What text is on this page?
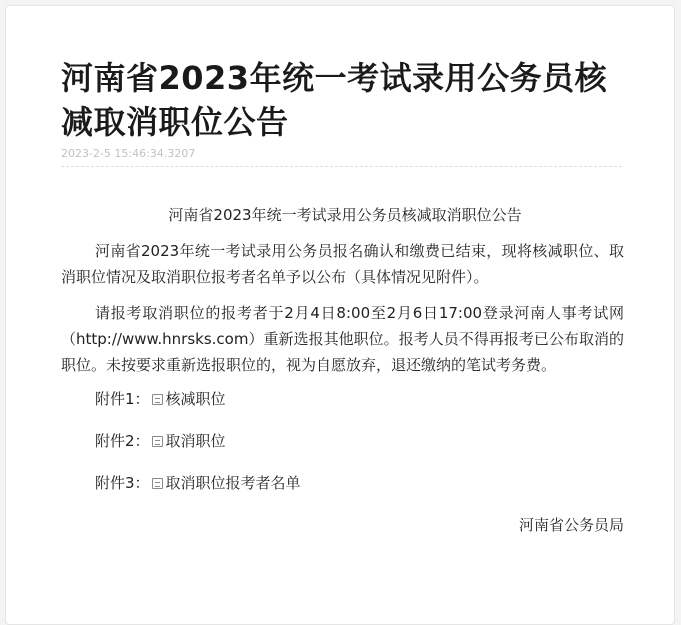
河南省2023年统一考试录用公务员核减取消职位公告
2023-2-5 15:46:34.3207

河南省2023年统一考试录用公务员核减取消职位公告

河南省2023年统一考试录用公务员报名确认和缴费已结束，现将核减职位、取消职位情况及取消职位报考者名单予以公布（具体情况见附件）。

请报考取消职位的报考者于2月4日8:00至2月6日17:00登录河南人事考试网（http://www.hnrsks.com）重新选报其他职位。报考人员不得再报考已公布取消的职位。未按要求重新选报职位的，视为自愿放弃，退还缴纳的笔试考务费。

附件1： 核减职位
附件2： 取消职位
附件3： 取消职位报考者名单

河南省公务员局
